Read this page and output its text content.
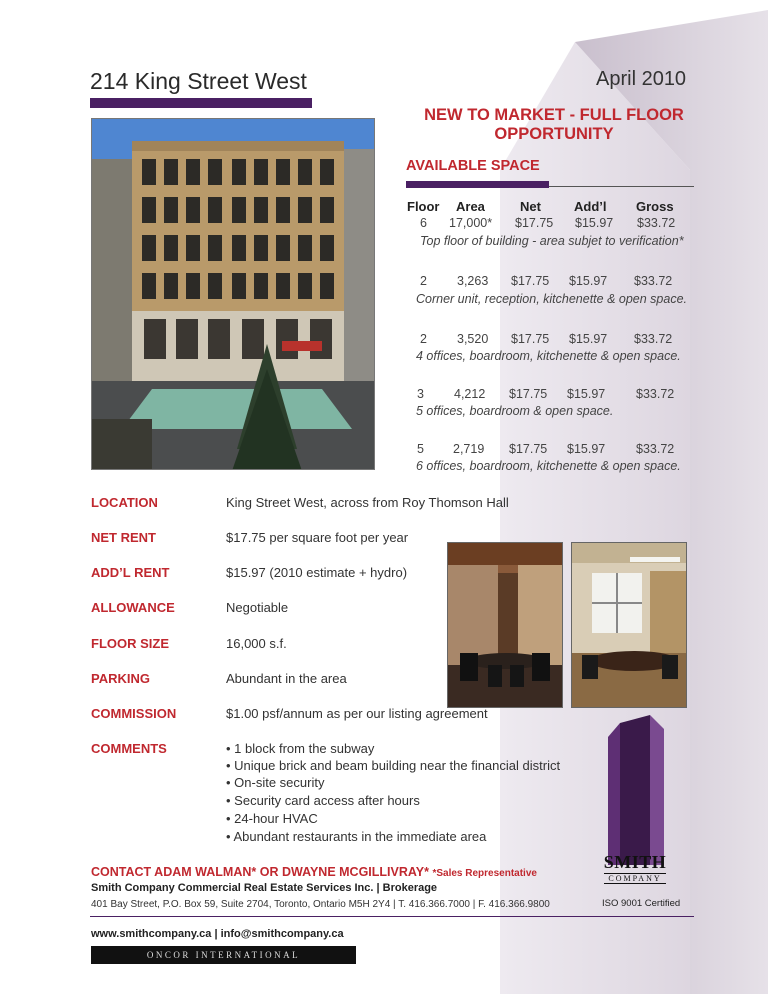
214 King Street West	April 2010
NEW TO MARKET - FULL FLOOR OPPORTUNITY
AVAILABLE SPACE
Floor Area	Net	Add’l Gross
6 17,000* $17.75 $15.97 $33.72
Top floor of building - area subjet to verification*
2 3,263 $17.75 $15.97 $33.72
Corner unit, reception, kitchenette & open space.
2 3,520 $17.75 $15.97 $33.72
4 offices, boardroom, kitchenette & open space.
3 4,212 $17.75 $15.97 $33.72
5 offices, boardroom & open space.
5 2,719 $17.75 $15.97 $33.72
6 offices, boardroom, kitchenette & open space.
LOCATION	King Street West, across from Roy Thomson Hall
NET RENT	$17.75 per square foot per year
ADD’L RENT	$15.97 (2010 estimate + hydro)
ALLOWANCE	Negotiable
FLOOR SIZE	16,000 s.f.
PARKING	Abundant in the area
COMMISSION	$1.00 psf/annum as per our listing agreement
COMMENTS	• 1 block from the subway
• Unique brick and beam building near the financial district
• On-site security
• Security card access after hours
• 24-hour HVAC
• Abundant restaurants in the immediate area
SMITH
COMPANY
ISO 9001 Certified
CONTACT ADAM WALMAN* OR DWAYNE MCGILLIVRAY* *Sales Representative
Smith Company Commercial Real Estate Services Inc. | Brokerage
401 Bay Street, P.O. Box 59, Suite 2704, Toronto, Ontario M5H 2Y4 | T. 416.366.7000 | F. 416.366.9800
www.smithcompany.ca | info@smithcompany.ca
ONCOR INTERNATIONAL
